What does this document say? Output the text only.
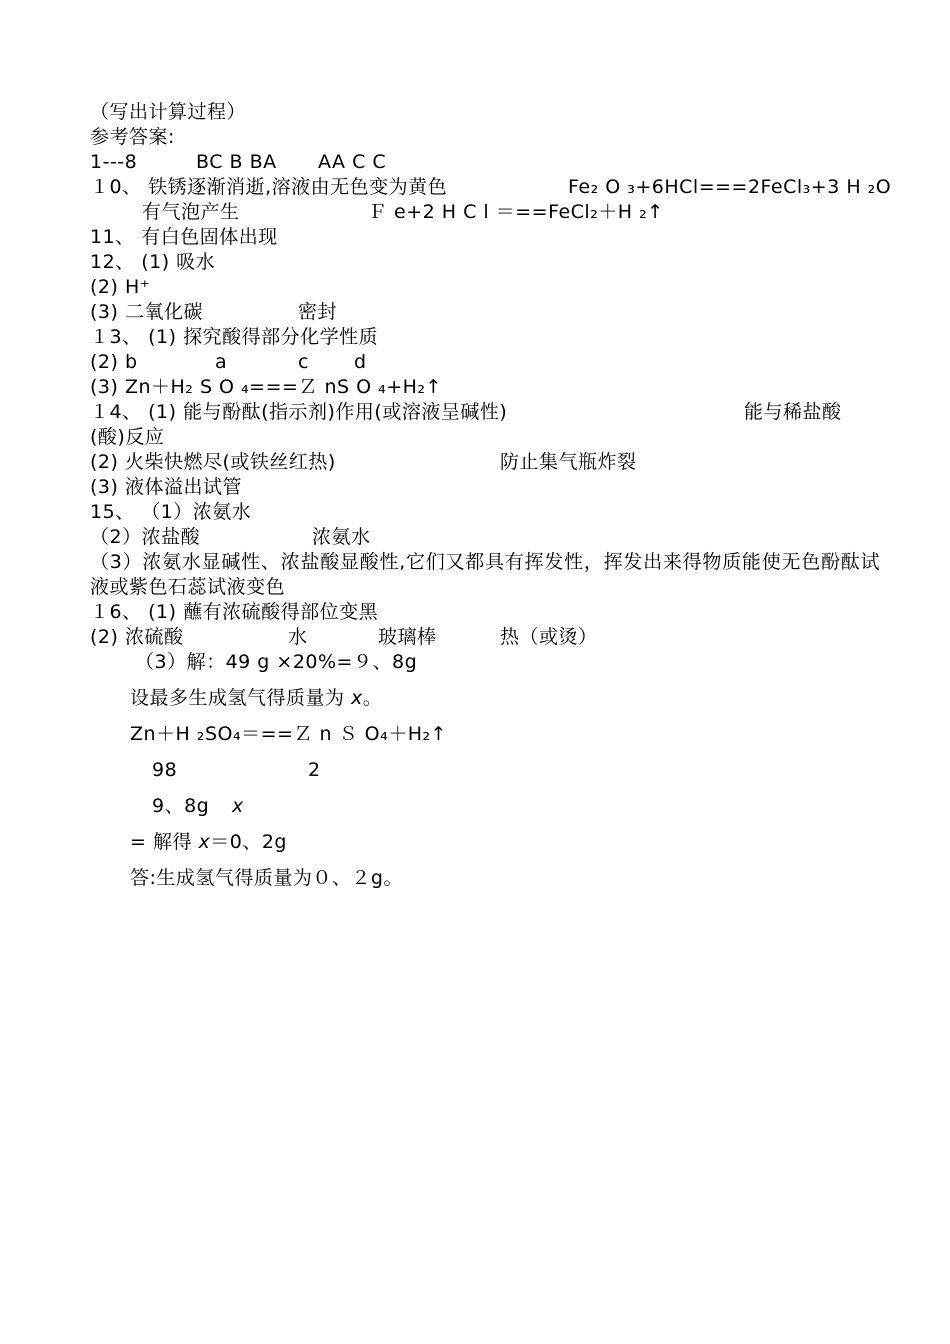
（写出计算过程）
参考答案:
1---8	BC B BA AA C C
１0、 铁锈逐渐消逝,溶液由无色变为黄色	Fe₂ O ₃+6HCl===2FeCl₃+3 H ₂O
有气泡产生	Ｆ e+2 H C l ＝==FeCl₂＋H ₂↑
11、 有白色固体出现
12、 (1) 吸水
(2) H⁺
(3) 二氧化碳	密封
１3、 (1) 探究酸得部分化学性质
(2) b	a	c d
(3) Zn＋H₂ S O ₄===Ｚ nS O ₄+H₂↑
１4、 (1) 能与酚酞(指示剂)作用(或溶液呈碱性)	能与稀盐酸
(酸)反应
(2) 火柴快燃尽(或铁丝红热)	防止集气瓶炸裂
(3) 液体溢出试管
15、 （1）浓氨水
（2）浓盐酸	浓氨水
（3）浓氨水显碱性、浓盐酸显酸性,它们又都具有挥发性，挥发出来得物质能使无色酚酞试液或紫色石蕊试液变色
１6、 (1) 蘸有浓硫酸得部位变黑
(2) 浓硫酸	水	玻璃棒	热（或烫）
（3）解：49 g ×20%=９、8g
设最多生成氢气得质量为 x。
Zn＋H ₂SO₄＝==Ｚ n Ｓ O₄＋H₂↑
98	2
9、8g x
= 解得 x＝0、2g
答:生成氢气得质量为０、２g。
